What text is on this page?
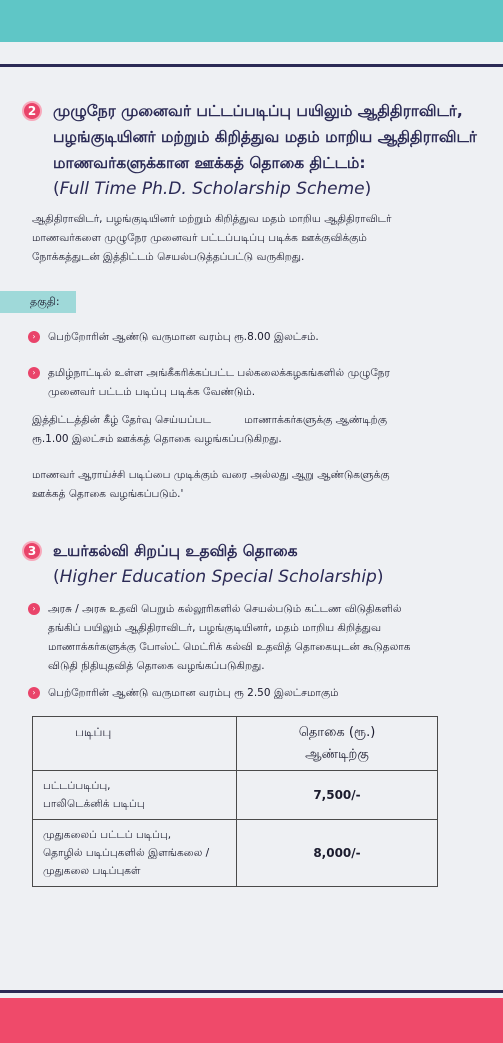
2	முழுநேர முனைவர் பட்டப்படிப்பு பயிலும் ஆதிதிராவிடர்,
பழங்குடியினர் மற்றும் கிறித்துவ மதம் மாறிய ஆதிதிராவிடர்
மாணவர்களுக்கான ஊக்கத் தொகை திட்டம்:
(Full Time Ph.D. Scholarship Scheme)
ஆதிதிராவிடர், பழங்குடியினர் மற்றும் கிறித்துவ மதம் மாறிய ஆதிதிராவிடர்
மாணவர்களை முழுநேர முனைவர் பட்டப்படிப்பு படிக்க ஊக்குவிக்கும்
நோக்கத்துடன் இத்திட்டம் செயல்படுத்தப்பட்டு வருகிறது.
தகுதி:
›	பெற்றோரின் ஆண்டு வருமான வரம்பு ரூ.8.00 இலட்சம்.
›	தமிழ்நாட்டில் உள்ள அங்கீகரிக்கப்பட்ட பல்கலைக்கழகங்களில் முழுநேர
முனைவர் பட்டம் படிப்பு படிக்க வேண்டும்.
இத்திட்டத்தின் கீழ் தேர்வு செய்யப்பட          மாணாக்கர்களுக்கு ஆண்டிற்கு
ரூ.1.00 இலட்சம் ஊக்கத் தொகை வழங்கப்படுகிறது.
மாணவர் ஆராய்ச்சி படிப்பை முடிக்கும் வரை அல்லது ஆறு ஆண்டுகளுக்கு
ஊக்கத் தொகை வழங்கப்படும்.'
3	உயர்கல்வி சிறப்பு உதவித் தொகை
(Higher Education Special Scholarship)
›	அரசு / அரசு உதவி பெறும் கல்லூரிகளில் செயல்படும் கட்டண விடுதிகளில்
தங்கிப் பயிலும் ஆதிதிராவிடர், பழங்குடியினர், மதம் மாறிய கிறித்துவ
மாணாக்கர்களுக்கு போஸ்ட் மெட்ரிக் கல்வி உதவித் தொகையுடன் கூடுதலாக
விடுதி நிதியுதவித் தொகை வழங்கப்படுகிறது.
›	பெற்றோரின் ஆண்டு வருமான வரம்பு ரூ 2.50 இலட்சமாகும்
படிப்பு	தொகை (ரூ.)
ஆண்டிற்கு

பட்டப்படிப்பு,
பாலிடெக்னிக் படிப்பு	7,500/-

முதுகலைப் பட்டப் படிப்பு,
தொழில் படிப்புகளில் இளங்கலை /
முதுகலை படிப்புகள்	8,000/-
